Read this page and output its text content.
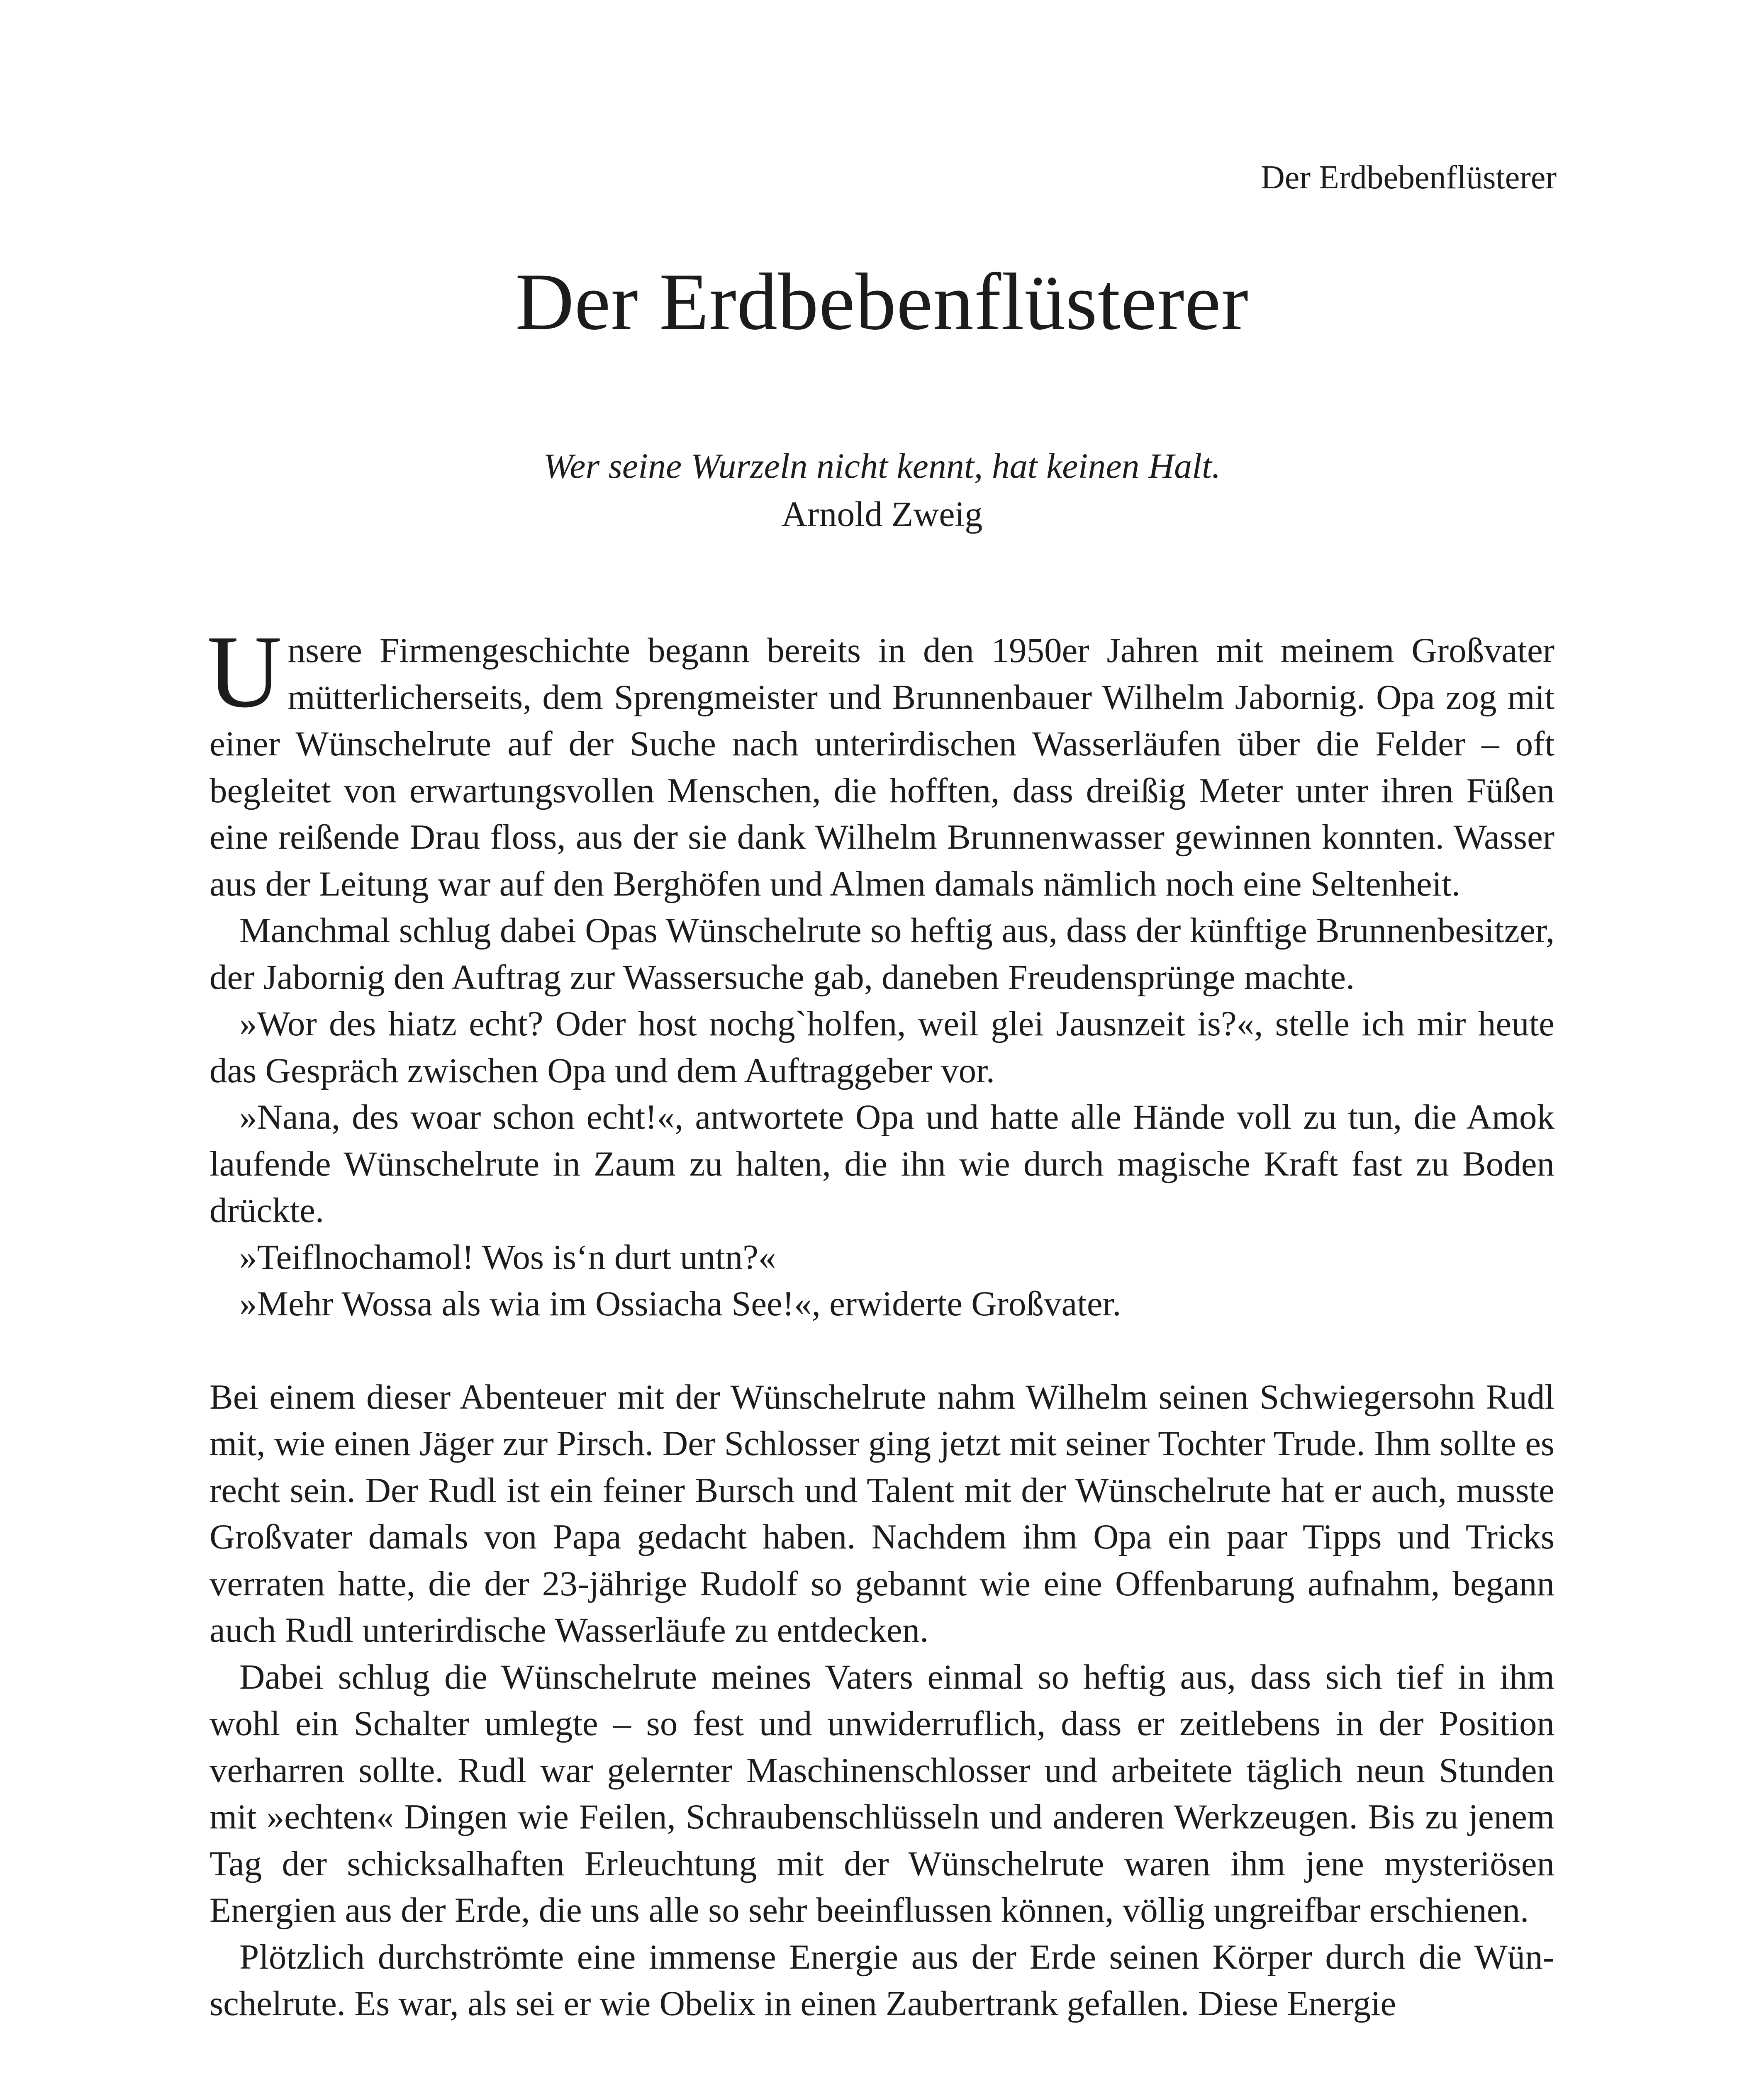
Der Erdbebenflüsterer
Der Erdbebenflüsterer
Wer seine Wurzeln nicht kennt, hat keinen Halt.
Arnold Zweig

Unsere Firmengeschichte begann bereits in den 1950er Jahren mit meinem Großvater mütterlicherseits, dem Sprengmeister und Brunnenbauer Wilhelm Jabornig. Opa zog mit einer Wünschelrute auf der Suche nach unterirdischen Wasserläufen über die Felder – oft begleitet von erwartungsvollen Menschen, die hofften, dass dreißig Meter unter ihren Füßen eine reißende Drau floss, aus der sie dank Wilhelm Brunnenwasser gewinnen konnten. Wasser aus der Leitung war auf den Berghöfen und Almen damals nämlich noch eine Seltenheit.

Manchmal schlug dabei Opas Wünschelrute so heftig aus, dass der künftige Brunnenbesitzer, der Jabornig den Auftrag zur Wassersuche gab, daneben Freudensprünge machte.

»Wor des hiatz echt? Oder host nochg`holfen, weil glei Jausnzeit is?«, stelle ich mir heute das Gespräch zwischen Opa und dem Auftraggeber vor.

»Nana, des woar schon echt!«, antwortete Opa und hatte alle Hände voll zu tun, die Amok laufende Wünschelrute in Zaum zu halten, die ihn wie durch magische Kraft fast zu Boden drückte.

»Teiflnochamol! Wos is‘n durt untn?«

»Mehr Wossa als wia im Ossiacha See!«, erwiderte Großvater.

Bei einem dieser Abenteuer mit der Wünschelrute nahm Wilhelm seinen Schwiegersohn Rudl mit, wie einen Jäger zur Pirsch. Der Schlosser ging jetzt mit seiner Tochter Trude. Ihm sollte es recht sein. Der Rudl ist ein feiner Bursch und Talent mit der Wünschelrute hat er auch, musste Großvater damals von Papa gedacht haben. Nachdem ihm Opa ein paar Tipps und Tricks verraten hatte, die der 23-jährige Rudolf so gebannt wie eine Offenbarung aufnahm, begann auch Rudl unterirdische Wasserläufe zu entdecken.

Dabei schlug die Wünschelrute meines Vaters einmal so heftig aus, dass sich tief in ihm wohl ein Schalter umlegte – so fest und unwiderruflich, dass er zeitlebens in der Position verharren sollte. Rudl war gelernter Maschinenschlosser und arbeitete täglich neun Stunden mit »echten« Dingen wie Feilen, Schraubenschlüsseln und anderen Werkzeugen. Bis zu jenem Tag der schicksalhaften Erleuchtung mit der Wünschelrute waren ihm jene mysteriösen Energien aus der Erde, die uns alle so sehr beeinflussen können, völlig ungreifbar erschienen.

Plötzlich durchströmte eine immense Energie aus der Erde seinen Körper durch die Wünschelrute. Es war, als sei er wie Obelix in einen Zaubertrank gefallen. Diese Energie
